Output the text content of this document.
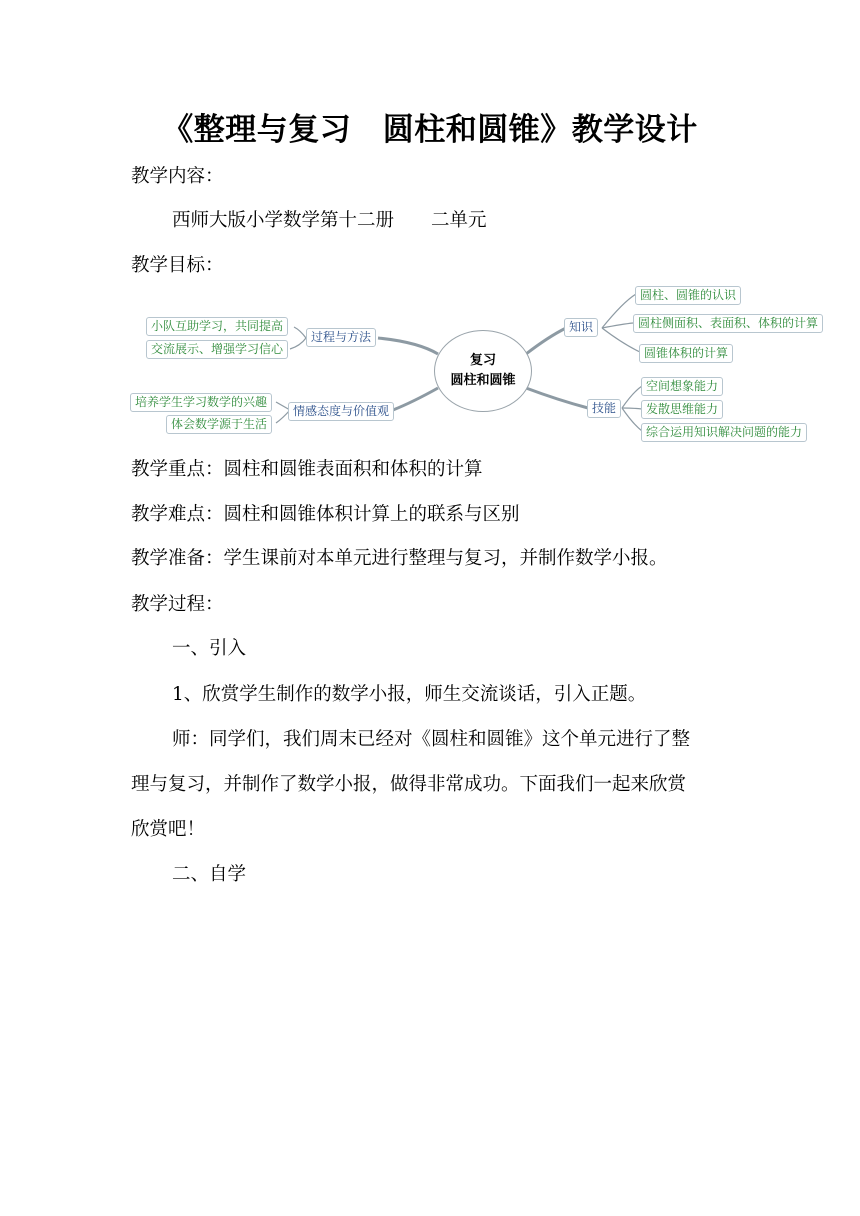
《整理与复习　圆柱和圆锥》教学设计

教学内容：

西师大版小学数学第十二册　　二单元

教学目标：

复习
圆柱和圆锥
知识
圆柱、圆锥的认识
圆柱侧面积、表面积、体积的计算
圆锥体积的计算
技能
空间想象能力
发散思维能力
综合运用知识解决问题的能力
过程与方法
小队互助学习，共同提高
交流展示、增强学习信心
情感态度与价值观
培养学生学习数学的兴趣
体会数学源于生活

教学重点：圆柱和圆锥表面积和体积的计算

教学难点：圆柱和圆锥体积计算上的联系与区别

教学准备：学生课前对本单元进行整理与复习，并制作数学小报。

教学过程：

一、引入

1、欣赏学生制作的数学小报，师生交流谈话，引入正题。

师：同学们，我们周末已经对《圆柱和圆锥》这个单元进行了整

理与复习，并制作了数学小报，做得非常成功。下面我们一起来欣赏

欣赏吧！

二、自学
